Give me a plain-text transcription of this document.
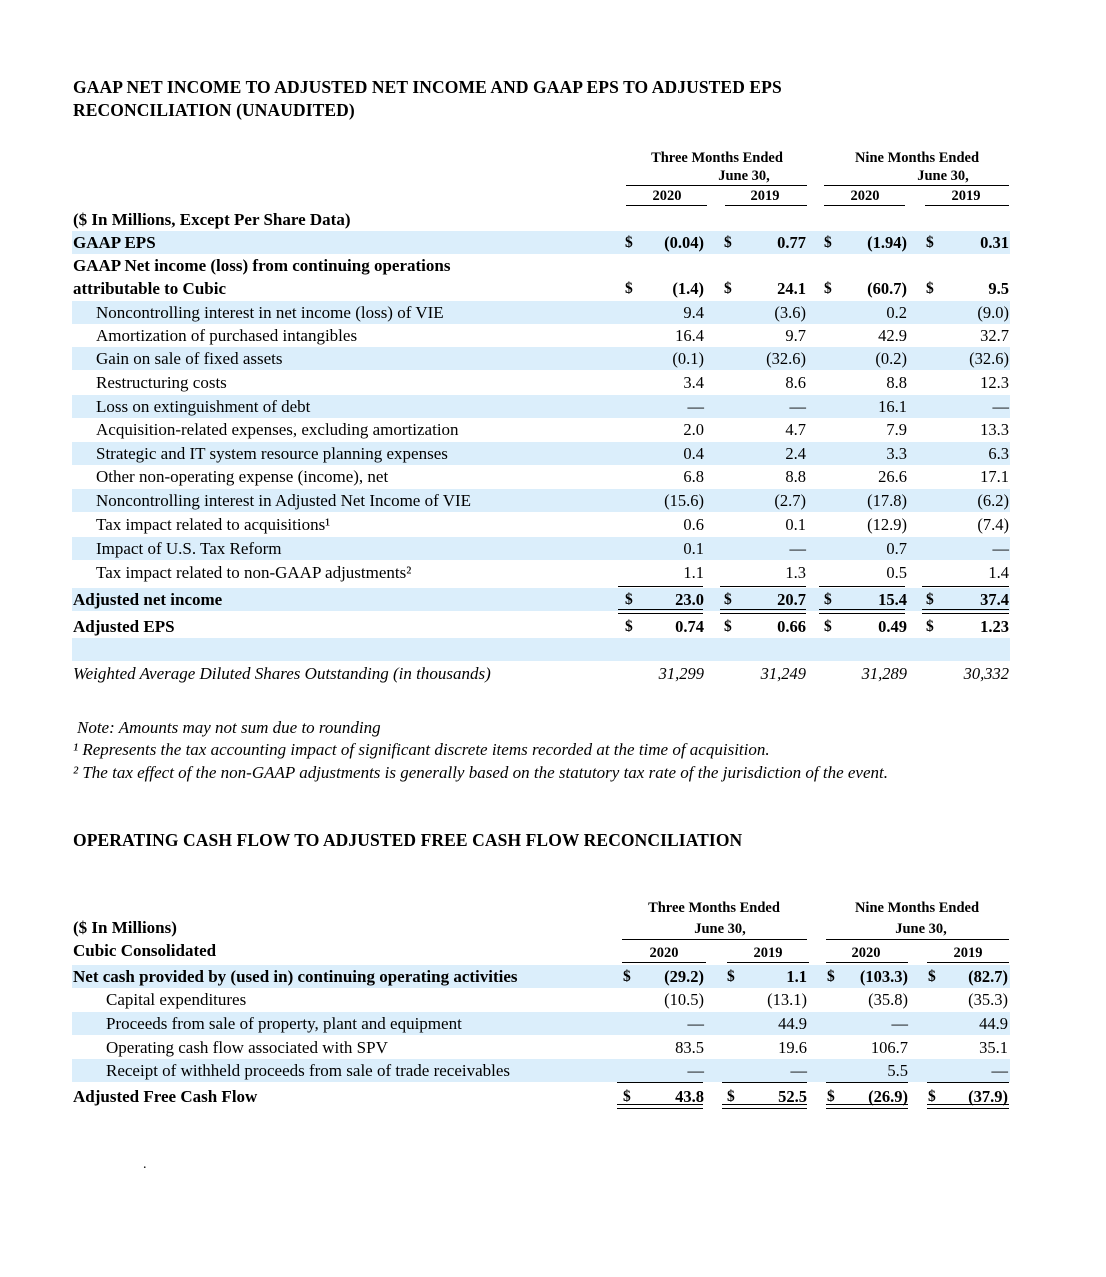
GAAP NET INCOME TO ADJUSTED NET INCOME AND GAAP EPS TO ADJUSTED EPS
RECONCILIATION (UNAUDITED)
Three Months Ended
June 30,
Nine Months Ended
June 30,
2020	2019	2020	2019
($ In Millions, Except Per Share Data)
GAAP EPS	(0.04)	0.77	(1.94)	0.31
$	$	$	$
GAAP Net income (loss) from continuing operations
attributable to Cubic	(1.4)	24.1	(60.7)	9.5
$	$	$	$
Noncontrolling interest in net income (loss) of VIE	9.4	(3.6)	0.2	(9.0)
Amortization of purchased intangibles	16.4	9.7	42.9	32.7
Gain on sale of fixed assets	(0.1)	(32.6)	(0.2)	(32.6)
Restructuring costs	3.4	8.6	8.8	12.3
Loss on extinguishment of debt	—	—	16.1	—
Acquisition-related expenses, excluding amortization	2.0	4.7	7.9	13.3
Strategic and IT system resource planning expenses	0.4	2.4	3.3	6.3
Other non-operating expense (income), net	6.8	8.8	26.6	17.1
Noncontrolling interest in Adjusted Net Income of VIE	(15.6)	(2.7)	(17.8)	(6.2)
Tax impact related to acquisitions¹	0.6	0.1	(12.9)	(7.4)
Impact of U.S. Tax Reform	0.1	—	0.7	—
Tax impact related to non-GAAP adjustments²	1.1	1.3	0.5	1.4
Adjusted net income	23.0	20.7	15.4	37.4
$	$	$	$
Adjusted EPS	0.74	0.66	0.49	1.23
$	$	$	$
Weighted Average Diluted Shares Outstanding (in thousands)	31,299	31,249	31,289	30,332
Note: Amounts may not sum due to rounding
¹ Represents the tax accounting impact of significant discrete items recorded at the time of acquisition.
² The tax effect of the non-GAAP adjustments is generally based on the statutory tax rate of the jurisdiction of the event.
OPERATING CASH FLOW TO ADJUSTED FREE CASH FLOW RECONCILIATION
Three Months Ended
June 30,
Nine Months Ended
June 30,
($ In Millions)
Cubic Consolidated	2020	2019	2020	2019
Net cash provided by (used in) continuing operating activities	(29.2)	1.1	(103.3)	(82.7)
$	$	$	$
Capital expenditures	(10.5)	(13.1)	(35.8)	(35.3)
Proceeds from sale of property, plant and equipment	—	44.9	—	44.9
Operating cash flow associated with SPV	83.5	19.6	106.7	35.1
Receipt of withheld proceeds from sale of trade receivables	—	—	5.5	—
Adjusted Free Cash Flow	43.8	52.5	(26.9)	(37.9)
$	$	$	$
.
